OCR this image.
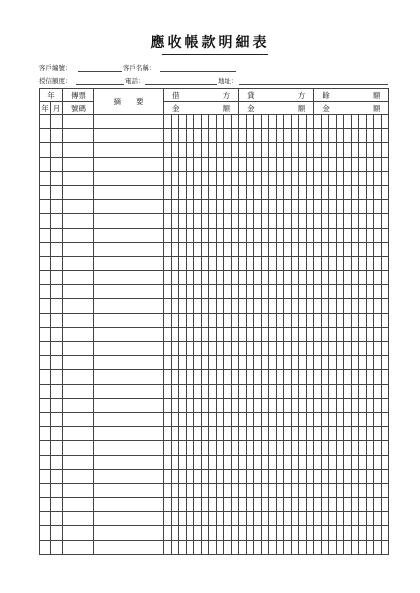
應收帳款明細表
客戶編號：	客戶名稱：
授信額度：	電話：	地址：
年		傳 票	摘　　要	借 方										貸 方										餘 額									

年	月	號 碼		金 額										金 額										金 額									
